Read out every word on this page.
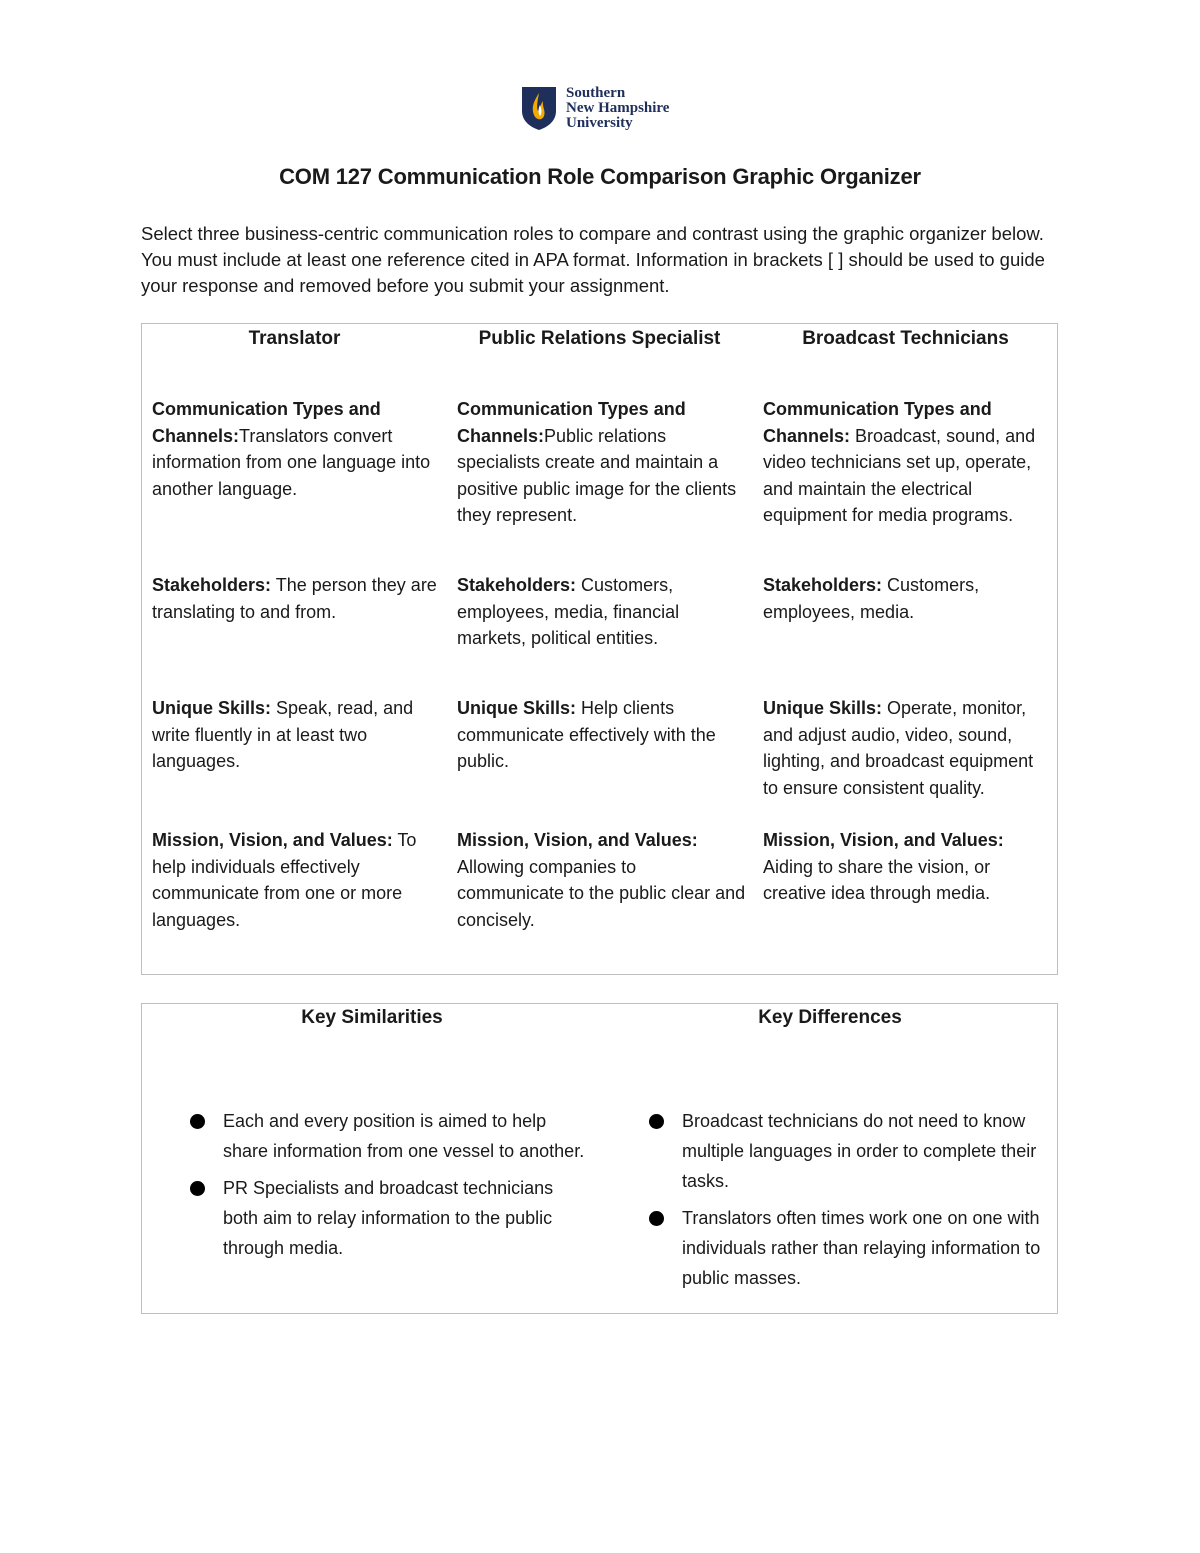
Southern
New Hampshire
University
COM 127 Communication Role Comparison Graphic Organizer
Select three business-centric communication roles to compare and contrast using the graphic organizer below. You must include at least one reference cited in APA format. Information in brackets [ ] should be used to guide your response and removed before you submit your assignment.
Translator
Communication Types and Channels:Translators convert information from one language into another language.
Stakeholders: The person they are translating to and from.
Unique Skills: Speak, read, and write fluently in at least two languages.
Mission, Vision, and Values: To help individuals effectively communicate from one or more languages.
Public Relations Specialist
Communication Types and Channels:Public relations specialists create and maintain a positive public image for the clients they represent.
Stakeholders: Customers, employees, media, financial markets, political entities.
Unique Skills: Help clients communicate effectively with the public.
Mission, Vision, and Values: Allowing companies to communicate to the public clear and concisely.
Broadcast Technicians
Communication Types and Channels: Broadcast, sound, and video technicians set up, operate, and maintain the electrical equipment for media programs.
Stakeholders: Customers, employees, media.
Unique Skills: Operate, monitor, and adjust audio, video, sound, lighting, and broadcast equipment to ensure consistent quality.
Mission, Vision, and Values: Aiding to share the vision, or creative idea through media.
Key Similarities	Key Differences
Each and every position is aimed to help share information from one vessel to another.
PR Specialists and broadcast technicians both aim to relay information to the public through media.
Broadcast technicians do not need to know multiple languages in order to complete their tasks.
Translators often times work one on one with individuals rather than relaying information to public masses.
